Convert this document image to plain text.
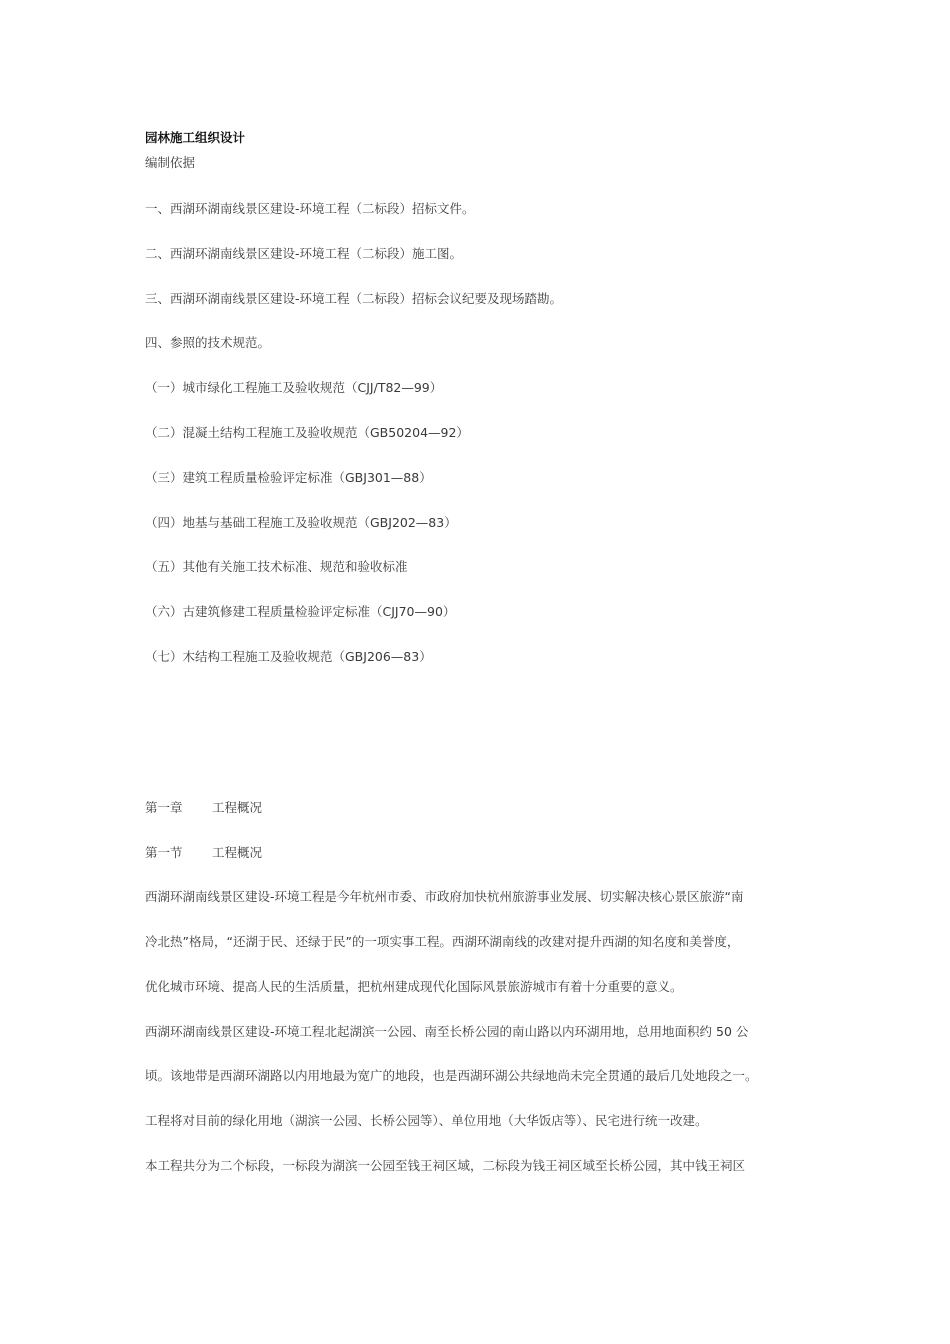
园林施工组织设计
编制依据
一、西湖环湖南线景区建设-环境工程（二标段）招标文件。
二、西湖环湖南线景区建设-环境工程（二标段）施工图。
三、西湖环湖南线景区建设-环境工程（二标段）招标会议纪要及现场踏勘。
四、参照的技术规范。
（一）城市绿化工程施工及验收规范（CJJ/T82—99）
（二）混凝土结构工程施工及验收规范（GB50204—92）
（三）建筑工程质量检验评定标准（GBJ301—88）
（四）地基与基础工程施工及验收规范（GBJ202—83）
（五）其他有关施工技术标准、规范和验收标准
（六）古建筑修建工程质量检验评定标准（CJJ70—90）
（七）木结构工程施工及验收规范（GBJ206—83）
第一章 工程概况
第一节 工程概况
西湖环湖南线景区建设-环境工程是今年杭州市委、市政府加快杭州旅游事业发展、切实解决核心景区旅游“南
冷北热”格局，“还湖于民、还绿于民”的一项实事工程。西湖环湖南线的改建对提升西湖的知名度和美誉度，
优化城市环境、提高人民的生活质量，把杭州建成现代化国际风景旅游城市有着十分重要的意义。
西湖环湖南线景区建设-环境工程北起湖滨一公园、南至长桥公园的南山路以内环湖用地，总用地面积约 50 公
顷。该地带是西湖环湖路以内用地最为宽广的地段，也是西湖环湖公共绿地尚未完全贯通的最后几处地段之一。
工程将对目前的绿化用地（湖滨一公园、长桥公园等）、单位用地（大华饭店等）、民宅进行统一改建。
本工程共分为二个标段，一标段为湖滨一公园至钱王祠区域，二标段为钱王祠区域至长桥公园，其中钱王祠区
